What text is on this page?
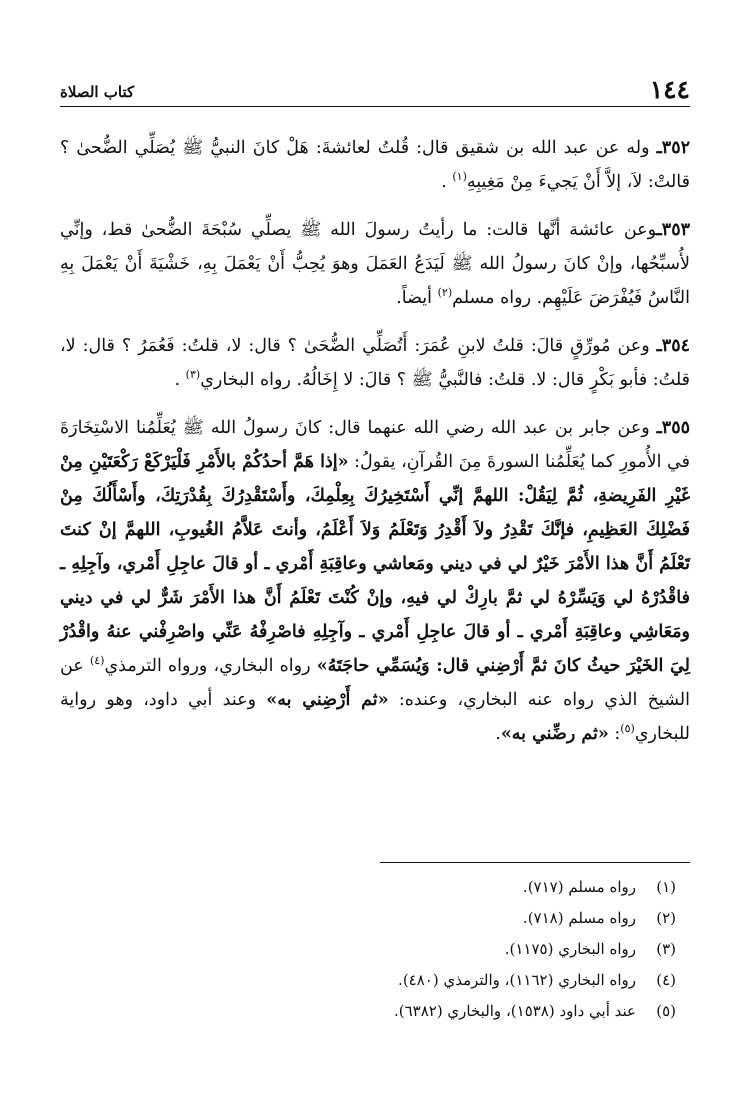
١٤٤
كتاب الصلاة

٣٥٢ـ وله عن عبد الله بن شقيق قال: قُلتُ لعائشةَ: هَلْ كانَ النبيُّ ﷺ يُصَلِّي الضُّحىٰ ؟ قالتْ: لاَ، إلاَّ أَنْ يَجيءَ مِنْ مَغِيبِهِ$^{(١)}$ .

٣٥٣ـوعن عائشة أنَّها قالت: ما رأيتُ رسولَ الله ﷺ يصلِّي سُبْحَةَ الضُّحىٰ قط، وإنِّي لأُسبِّحُها، وإنْ كانَ رسولُ الله ﷺ لَيَدَعُ العَمَلَ وهوَ يُحِبُّ أَنْ يَعْمَلَ بِهِ، خَشْيَةَ أَنْ يَعْمَلَ بِهِ النَّاسُ فَيُفْرَضَ عَلَيْهِم. رواه مسلم$^{(٢)}$ أيضاً.

٣٥٤ـ وعن مُورِّقٍ قالَ: قلتُ لابنِ عُمَرَ: أَتُصَلِّي الضُّحَىٰ ؟ قال: لا، قلتُ: فَعُمَرُ ؟ قال: لا، قلتُ: فأبو بَكْرٍ قال: لا. قلتُ: فالنَّبيُّ ﷺ ؟ قالَ: لا إِخَالُهُ. رواه البخاري$^{(٣)}$ .

٣٥٥ـ وعن جابر بن عبد الله رضي الله عنهما قال: كانَ رسولُ الله ﷺ يُعَلِّمُنا الاسْتِخَارَةَ في الأُمورِ كما يُعَلِّمُنا السورةَ مِنَ القُرآنِ، يقولُ: «إذا هَمَّ أحدُكُمْ بالأَمْرِ فَلْيَرْكَعْ رَكْعَتَيْنِ مِنْ غَيْرِ الفَرِيضةِ، ثُمَّ لِيَقُلْ: اللهمَّ إنِّي أَسْتَخِيرُكَ بِعِلْمِكَ، وأَسْتَقْدِرُكَ بِقُدْرَتِكَ، وأَسْأَلُكَ مِنْ فَضْلِكَ العَظِيمِ، فإنَّكَ تَقْدِرُ ولاَ أَقْدِرُ وَتَعْلَمُ وَلاَ أَعْلَمُ، وأنتَ عَلاَّمُ الغُيوبِ، اللهمَّ إنْ كنتَ تَعْلَمُ أَنَّ هذا الأَمْرَ خَيْرٌ لي في ديني ومَعاشي وعاقِبَةِ أَمْري ـ أو قالَ عاجِلِ أَمْري، وآجِلِهِ ـ فاقْدُرْهُ لي وَيَسِّرْهُ لي ثمَّ بارِكْ لي فيهِ، وإنْ كُنْتَ تَعْلَمُ أَنَّ هذا الأَمْرَ شَرٌّ لي في ديني ومَعَاشِي وعاقِبَةِ أَمْري ـ أو قالَ عاجِلِ أَمْري ـ وآجِلِهِ فاصْرِفْهُ عَنِّي واصْرِفْني عنهُ واقْدُرْ لِيَ الخَيْرَ حيثُ كانَ ثمَّ أَرْضِني قال: وَيُسَمِّي حاجَتَهُ» رواه البخاري، ورواه الترمذي$^{(٤)}$ عن الشيخ الذي رواه عنه البخاري، وعنده: «ثم أَرْضِني به» وعند أبي داود، وهو رواية للبخاري$^{(٥)}$: «ثم رضِّني به».

(١)
رواه مسلم (٧١٧).
(٢)
رواه مسلم (٧١٨).
(٣)
رواه البخاري (١١٧٥).
(٤)
رواه البخاري (١١٦٢)، والترمذي (٤٨٠).
(٥)
عند أبي داود (١٥٣٨)، والبخاري (٦٣٨٢).
